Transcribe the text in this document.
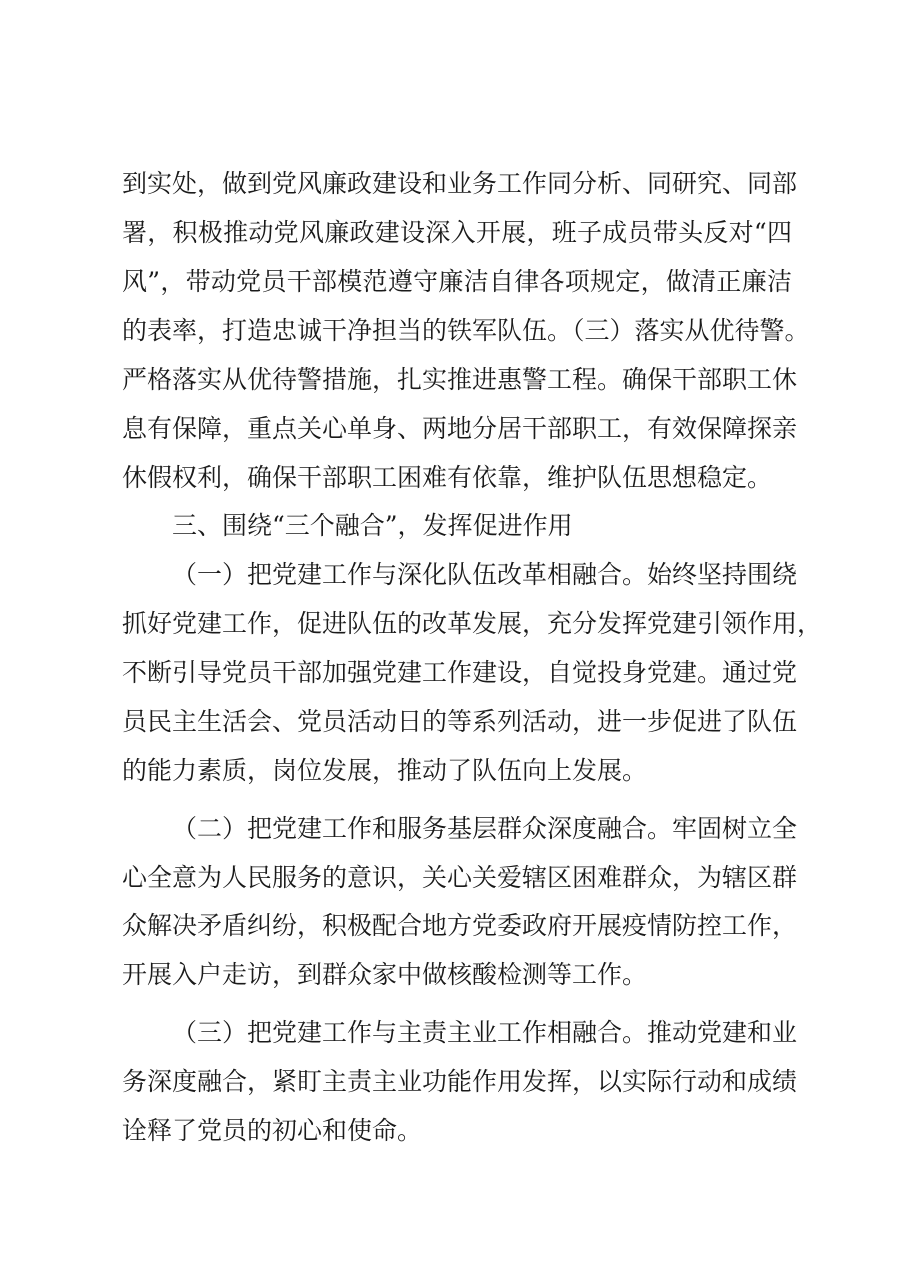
到实处，做到党风廉政建设和业务工作同分析、同研究、同部
署，积极推动党风廉政建设深入开展，班子成员带头反对“四
风”，带动党员干部模范遵守廉洁自律各项规定，做清正廉洁
的表率，打造忠诚干净担当的铁军队伍。（三）落实从优待警。
严格落实从优待警措施，扎实推进惠警工程。确保干部职工休
息有保障，重点关心单身、两地分居干部职工，有效保障探亲
休假权利，确保干部职工困难有依靠，维护队伍思想稳定。
三、围绕“三个融合”，发挥促进作用
（一）把党建工作与深化队伍改革相融合。始终坚持围绕
抓好党建工作，促进队伍的改革发展，充分发挥党建引领作用，
不断引导党员干部加强党建工作建设，自觉投身党建。通过党
员民主生活会、党员活动日的等系列活动，进一步促进了队伍
的能力素质，岗位发展，推动了队伍向上发展。
（二）把党建工作和服务基层群众深度融合。牢固树立全
心全意为人民服务的意识，关心关爱辖区困难群众，为辖区群
众解决矛盾纠纷，积极配合地方党委政府开展疫情防控工作，
开展入户走访，到群众家中做核酸检测等工作。
（三）把党建工作与主责主业工作相融合。推动党建和业
务深度融合，紧盯主责主业功能作用发挥，以实际行动和成绩
诠释了党员的初心和使命。
